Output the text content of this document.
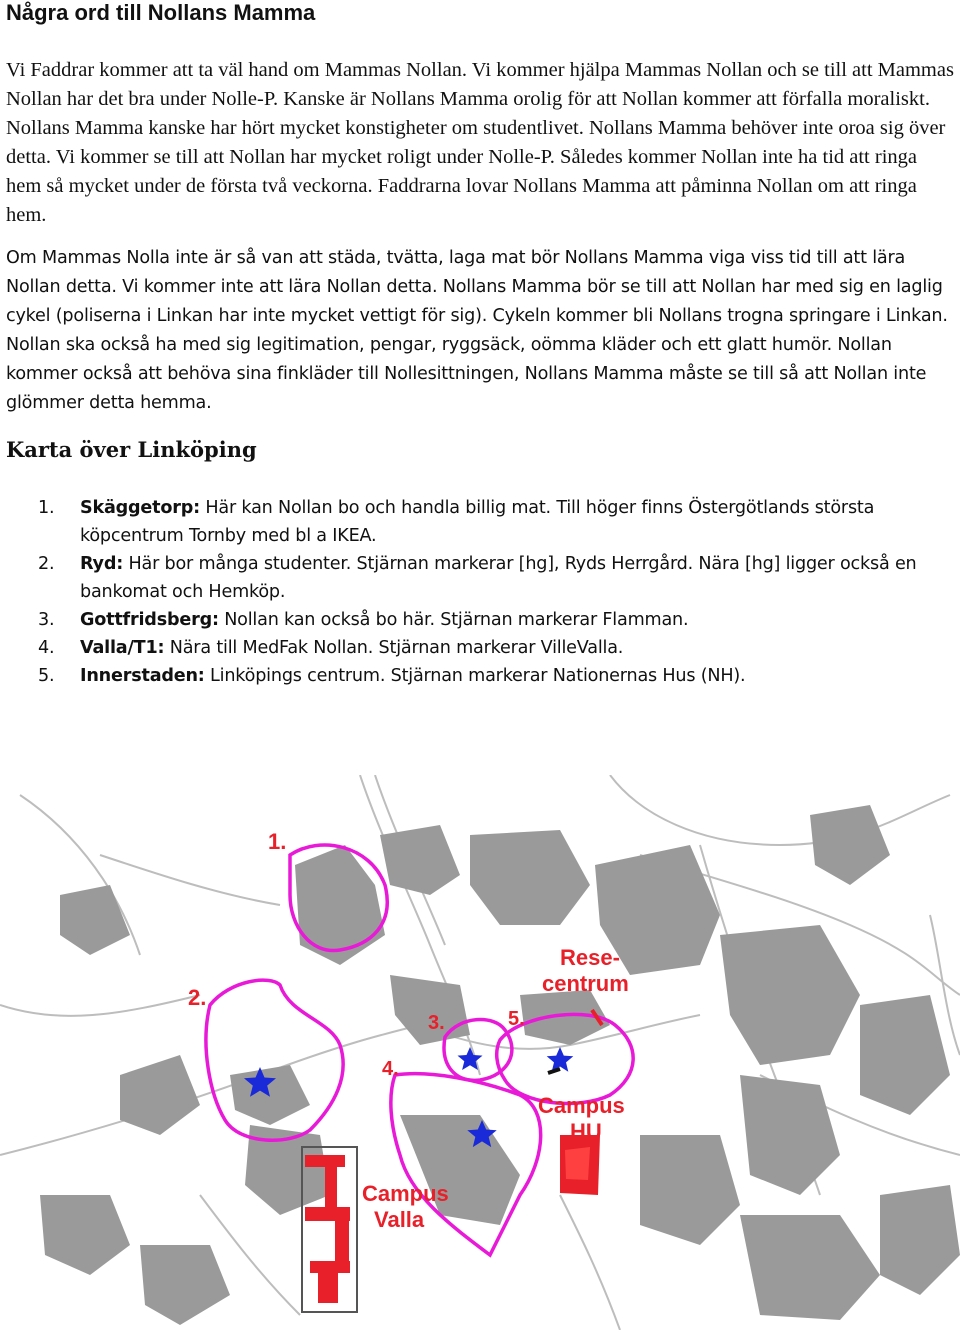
Några ord till Nollans Mamma

Vi Faddrar kommer att ta väl hand om Mammas Nollan. Vi kommer hjälpa Mammas Nollan och se till att Mammas Nollan har det bra under Nolle-P. Kanske är Nollans Mamma orolig för att Nollan kommer att förfalla moraliskt. Nollans Mamma kanske har hört mycket konstigheter om studentlivet. Nollans Mamma behöver inte oroa sig över detta. Vi kommer se till att Nollan har mycket roligt under Nolle-P. Således kommer Nollan inte ha tid att ringa hem så mycket under de första två veckorna. Faddrarna lovar Nollans Mamma att påminna Nollan om att ringa hem.

Om Mammas Nolla inte är så van att städa, tvätta, laga mat bör Nollans Mamma viga viss tid till att lära Nollan detta. Vi kommer inte att lära Nollan detta. Nollans Mamma bör se till att Nollan har med sig en laglig cykel (poliserna i Linkan har inte mycket vettigt för sig). Cykeln kommer bli Nollans trogna springare i Linkan. Nollan ska också ha med sig legitimation, pengar, ryggsäck, oömma kläder och ett glatt humör. Nollan kommer också att behöva sina finkläder till Nollesittningen, Nollans Mamma måste se till så att Nollan inte glömmer detta hemma.

Karta över Linköping
1. Skäggetorp: Här kan Nollan bo och handla billig mat. Till höger finns Östergötlands största köpcentrum Tornby med bl a IKEA.
2. Ryd: Här bor många studenter. Stjärnan markerar [hg], Ryds Herrgård. Nära [hg] ligger också en bankomat och Hemköp.
3. Gottfridsberg: Nollan kan också bo här. Stjärnan markerar Flamman.
4. Valla/T1: Nära till MedFak Nollan. Stjärnan markerar VilleValla.
5. Innerstaden: Linköpings centrum. Stjärnan markerar Nationernas Hus (NH).
1.
2.
3.
4.
5.
Rese-
centrum
Campus
HU
Campus
Valla
